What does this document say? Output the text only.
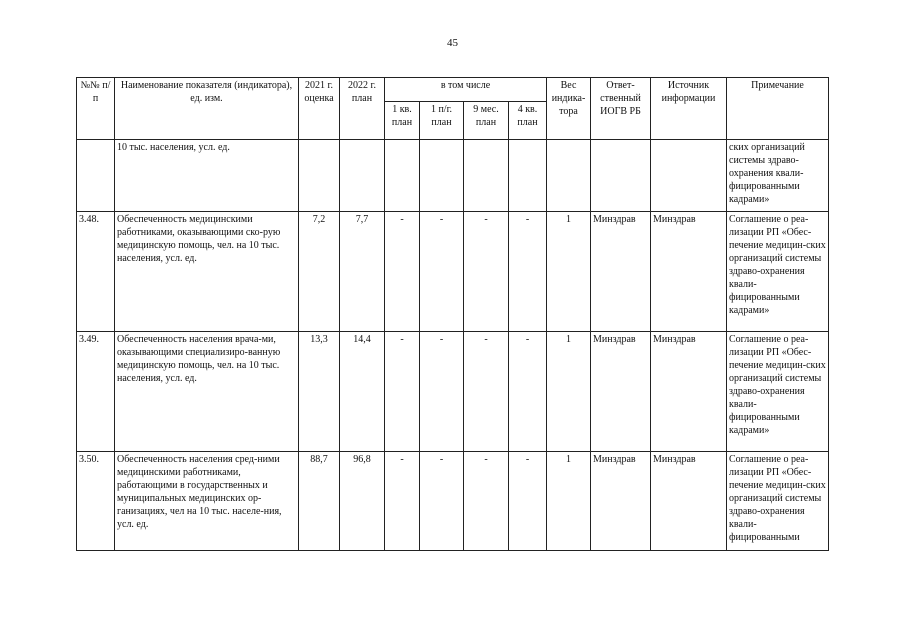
45
№№ п/п	Наименование показателя (индикатора), ед. изм.	2021 г. оценка	2022 г. план	в том числе				Вес индика-тора	Ответ-ственный ИОГВ РБ	Источник информации	Примечание
				1 кв. план	1 п/г. план	9 мес. план	4 кв. план				
	10 тыс. населения, усл. ед.										ских организаций системы здраво-охранения квали-фицированными кадрами»
3.48.	Обеспеченность медицинскими работниками, оказывающими ско-рую медицинскую помощь, чел. на 10 тыс. населения, усл. ед.	7,2	7,7	-	-	-	-	1	Минздрав	Минздрав	Соглашение о реа-лизации РП «Обес-печение медицин-ских организаций системы здраво-охранения квали-фицированными кадрами»
3.49.	Обеспеченность населения врача-ми, оказывающими специализиро-ванную медицинскую помощь, чел. на 10 тыс. населения, усл. ед.	13,3	14,4	-	-	-	-	1	Минздрав	Минздрав	Соглашение о реа-лизации РП «Обес-печение медицин-ских организаций системы здраво-охранения квали-фицированными кадрами»
3.50.	Обеспеченность населения сред-ними медицинскими работниками, работающими в государственных и муниципальных медицинских ор-ганизациях, чел на 10 тыс. населе-ния, усл. ед.	88,7	96,8	-	-	-	-	1	Минздрав	Минздрав	Соглашение о реа-лизации РП «Обес-печение медицин-ских организаций системы здраво-охранения квали-фицированными
